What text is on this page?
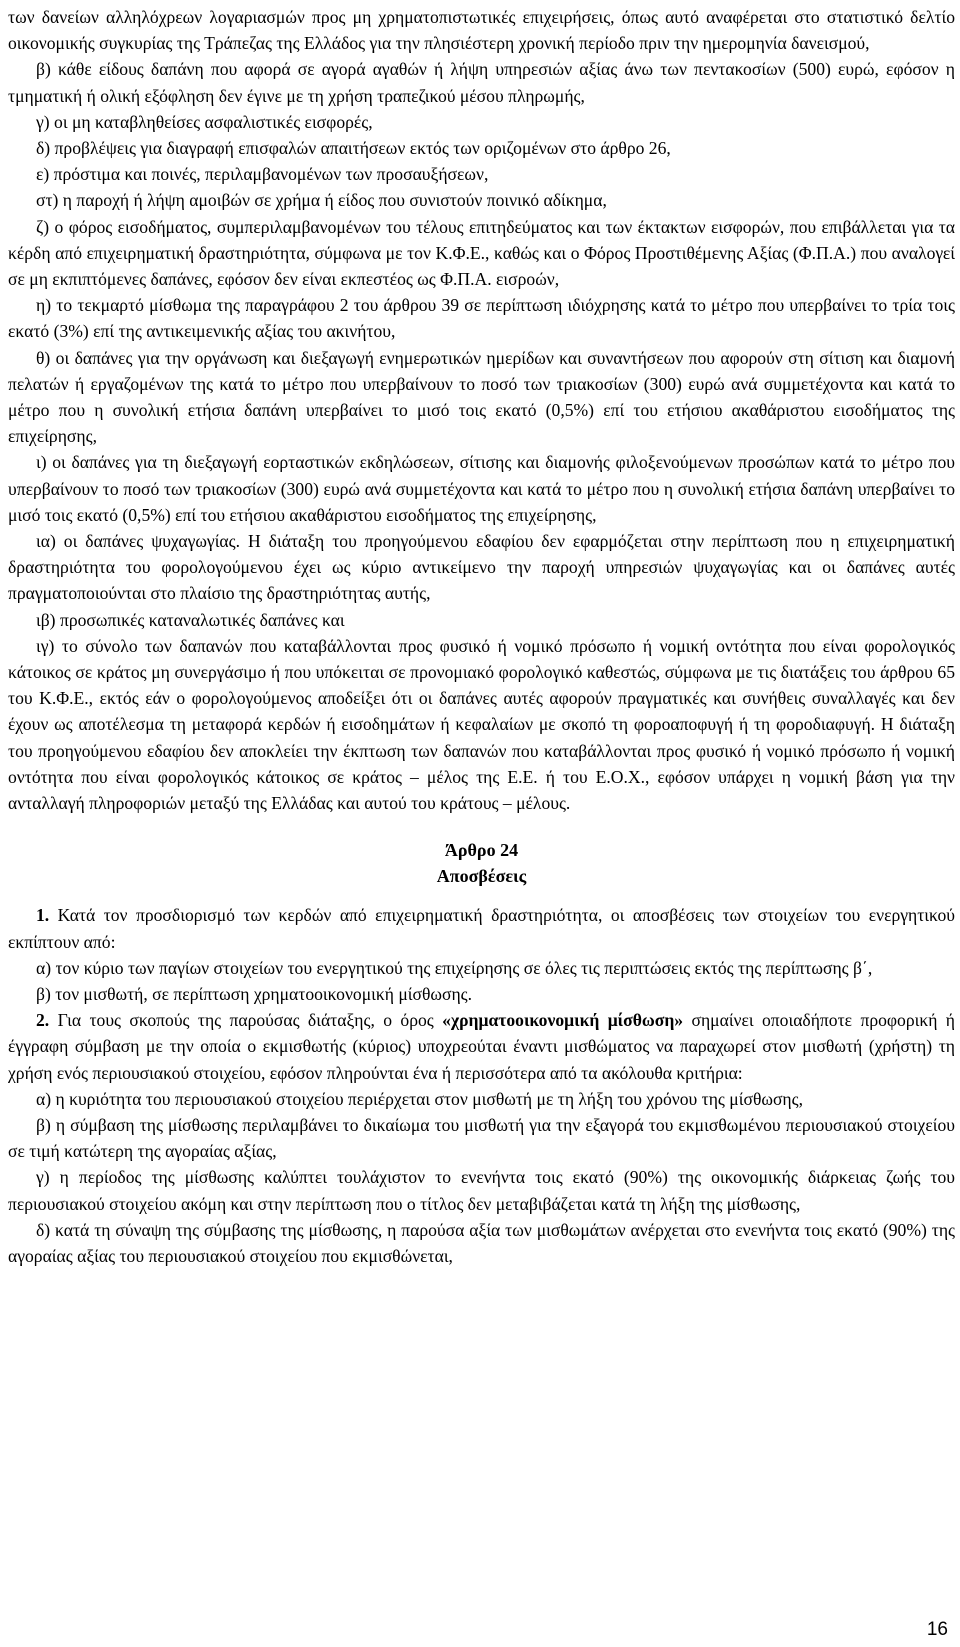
των δανείων αλληλόχρεων λογαριασμών προς μη χρηματοπιστωτικές επιχειρήσεις, όπως αυτό αναφέρεται στο στατιστικό δελτίο οικονομικής συγκυρίας της Τράπεζας της Ελλάδος για την πλησιέστερη χρονική περίοδο πριν την ημερομηνία δανεισμού,

β) κάθε είδους δαπάνη που αφορά σε αγορά αγαθών ή λήψη υπηρεσιών αξίας άνω των πεντακοσίων (500) ευρώ, εφόσον η τμηματική ή ολική εξόφληση δεν έγινε με τη χρήση τραπεζικού μέσου πληρωμής,

γ) οι μη καταβληθείσες ασφαλιστικές εισφορές,

δ) προβλέψεις για διαγραφή επισφαλών απαιτήσεων εκτός των οριζομένων στο άρθρο 26,

ε) πρόστιμα και ποινές, περιλαμβανομένων των προσαυξήσεων,

στ) η παροχή ή λήψη αμοιβών σε χρήμα ή είδος που συνιστούν ποινικό αδίκημα,

ζ) ο φόρος εισοδήματος, συμπεριλαμβανομένων του τέλους επιτηδεύματος και των έκτακτων εισφορών, που επιβάλλεται για τα κέρδη από επιχειρηματική δραστηριότητα, σύμφωνα με τον Κ.Φ.Ε., καθώς και ο Φόρος Προστιθέμενης Αξίας (Φ.Π.Α.) που αναλογεί σε μη εκπιπτόμενες δαπάνες, εφόσον δεν είναι εκπεστέος ως Φ.Π.Α. εισροών,

η) το τεκμαρτό μίσθωμα της παραγράφου 2 του άρθρου 39 σε περίπτωση ιδιόχρησης κατά το μέτρο που υπερβαίνει το τρία τοις εκατό (3%) επί της αντικειμενικής αξίας του ακινήτου,

θ) οι δαπάνες για την οργάνωση και διεξαγωγή ενημερωτικών ημερίδων και συναντήσεων που αφορούν στη σίτιση και διαμονή πελατών ή εργαζομένων της κατά το μέτρο που υπερβαίνουν το ποσό των τριακοσίων (300) ευρώ ανά συμμετέχοντα και κατά το μέτρο που η συνολική ετήσια δαπάνη υπερβαίνει το μισό τοις εκατό (0,5%) επί του ετήσιου ακαθάριστου εισοδήματος της επιχείρησης,

ι) οι δαπάνες για τη διεξαγωγή εορταστικών εκδηλώσεων, σίτισης και διαμονής φιλοξενούμενων προσώπων κατά το μέτρο που υπερβαίνουν το ποσό των τριακοσίων (300) ευρώ ανά συμμετέχοντα και κατά το μέτρο που η συνολική ετήσια δαπάνη υπερβαίνει το μισό τοις εκατό (0,5%) επί του ετήσιου ακαθάριστου εισοδήματος της επιχείρησης,

ια) οι δαπάνες ψυχαγωγίας. Η διάταξη του προηγούμενου εδαφίου δεν εφαρμόζεται στην περίπτωση που η επιχειρηματική δραστηριότητα του φορολογούμενου έχει ως κύριο αντικείμενο την παροχή υπηρεσιών ψυχαγωγίας και οι δαπάνες αυτές πραγματοποιούνται στο πλαίσιο της δραστηριότητας αυτής,

ιβ) προσωπικές καταναλωτικές δαπάνες και

ιγ) το σύνολο των δαπανών που καταβάλλονται προς φυσικό ή νομικό πρόσωπο ή νομική οντότητα που είναι φορολογικός κάτοικος σε κράτος μη συνεργάσιμο ή που υπόκειται σε προνομιακό φορολογικό καθεστώς, σύμφωνα με τις διατάξεις του άρθρου 65 του Κ.Φ.Ε., εκτός εάν ο φορολογούμενος αποδείξει ότι οι δαπάνες αυτές αφορούν πραγματικές και συνήθεις συναλλαγές και δεν έχουν ως αποτέλεσμα τη μεταφορά κερδών ή εισοδημάτων ή κεφαλαίων με σκοπό τη φοροαποφυγή ή τη φοροδιαφυγή. Η διάταξη του προηγούμενου εδαφίου δεν αποκλείει την έκπτωση των δαπανών που καταβάλλονται προς φυσικό ή νομικό πρόσωπο ή νομική οντότητα που είναι φορολογικός κάτοικος σε κράτος – μέλος της Ε.Ε. ή του Ε.Ο.Χ., εφόσον υπάρχει η νομική βάση για την ανταλλαγή πληροφοριών μεταξύ της Ελλάδας και αυτού του κράτους – μέλους.

Άρθρο 24
Αποσβέσεις

1. Κατά τον προσδιορισμό των κερδών από επιχειρηματική δραστηριότητα, οι αποσβέσεις των στοιχείων του ενεργητικού εκπίπτουν από:

α) τον κύριο των παγίων στοιχείων του ενεργητικού της επιχείρησης σε όλες τις περιπτώσεις εκτός της περίπτωσης β΄,

β) τον μισθωτή, σε περίπτωση χρηματοοικονομική μίσθωσης.

2. Για τους σκοπούς της παρούσας διάταξης, ο όρος «χρηματοοικονομική μίσθωση» σημαίνει οποιαδήποτε προφορική ή έγγραφη σύμβαση με την οποία ο εκμισθωτής (κύριος) υποχρεούται έναντι μισθώματος να παραχωρεί στον μισθωτή (χρήστη) τη χρήση ενός περιουσιακού στοιχείου, εφόσον πληρούνται ένα ή περισσότερα από τα ακόλουθα κριτήρια:

α) η κυριότητα του περιουσιακού στοιχείου περιέρχεται στον μισθωτή με τη λήξη του χρόνου της μίσθωσης,

β) η σύμβαση της μίσθωσης περιλαμβάνει το δικαίωμα του μισθωτή για την εξαγορά του εκμισθωμένου περιουσιακού στοιχείου σε τιμή κατώτερη της αγοραίας αξίας,

γ) η περίοδος της μίσθωσης καλύπτει τουλάχιστον το ενενήντα τοις εκατό (90%) της οικονομικής διάρκειας ζωής του περιουσιακού στοιχείου ακόμη και στην περίπτωση που ο τίτλος δεν μεταβιβάζεται κατά τη λήξη της μίσθωσης,

δ) κατά τη σύναψη της σύμβασης της μίσθωσης, η παρούσα αξία των μισθωμάτων ανέρχεται στο ενενήντα τοις εκατό (90%) της αγοραίας αξίας του περιουσιακού στοιχείου που εκμισθώνεται,

16
